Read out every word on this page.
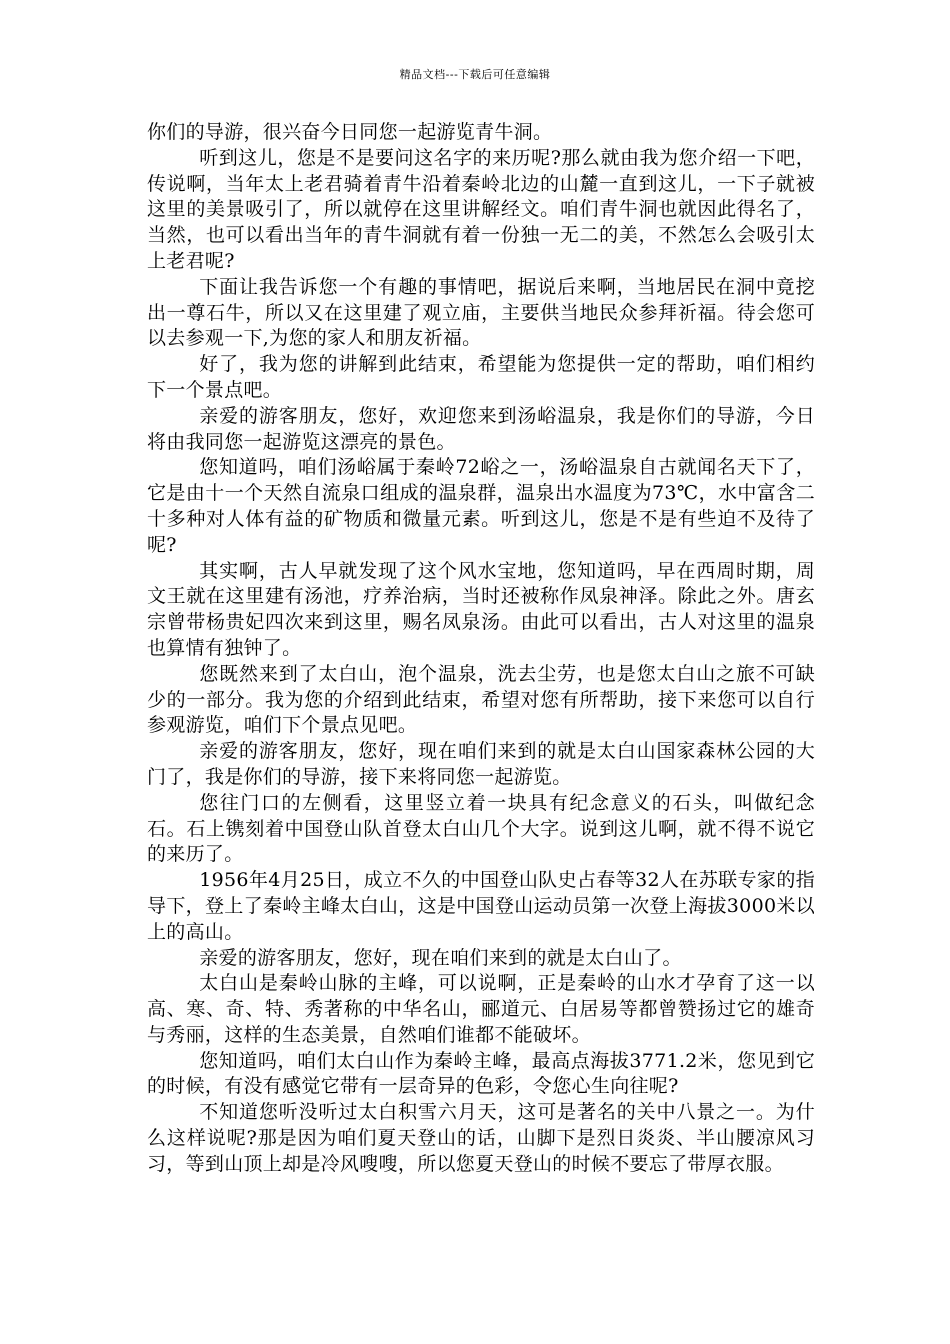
精品文档---下载后可任意编辑

你们的导游，很兴奋今日同您一起游览青牛洞。

听到这儿，您是不是要问这名字的来历呢?那么就由我为您介绍一下吧，传说啊，当年太上老君骑着青牛沿着秦岭北边的山麓一直到这儿，一下子就被这里的美景吸引了，所以就停在这里讲解经文。咱们青牛洞也就因此得名了，当然，也可以看出当年的青牛洞就有着一份独一无二的美，不然怎么会吸引太上老君呢?

下面让我告诉您一个有趣的事情吧，据说后来啊，当地居民在洞中竟挖出一尊石牛，所以又在这里建了观立庙，主要供当地民众参拜祈福。待会您可以去参观一下,为您的家人和朋友祈福。

好了，我为您的讲解到此结束，希望能为您提供一定的帮助，咱们相约下一个景点吧。

亲爱的游客朋友，您好，欢迎您来到汤峪温泉，我是你们的导游，今日将由我同您一起游览这漂亮的景色。

您知道吗，咱们汤峪属于秦岭72峪之一，汤峪温泉自古就闻名天下了，它是由十一个天然自流泉口组成的温泉群，温泉出水温度为73℃，水中富含二十多种对人体有益的矿物质和微量元素。听到这儿，您是不是有些迫不及待了呢?

其实啊，古人早就发现了这个风水宝地，您知道吗，早在西周时期，周文王就在这里建有汤池，疗养治病，当时还被称作凤泉神泽。除此之外。唐玄宗曾带杨贵妃四次来到这里，赐名凤泉汤。由此可以看出，古人对这里的温泉也算情有独钟了。

您既然来到了太白山，泡个温泉，洗去尘劳，也是您太白山之旅不可缺少的一部分。我为您的介绍到此结束，希望对您有所帮助，接下来您可以自行参观游览，咱们下个景点见吧。

亲爱的游客朋友，您好，现在咱们来到的就是太白山国家森林公园的大门了，我是你们的导游，接下来将同您一起游览。

您往门口的左侧看，这里竖立着一块具有纪念意义的石头，叫做纪念石。石上镌刻着中国登山队首登太白山几个大字。说到这儿啊，就不得不说它的来历了。

1956年4月25日，成立不久的中国登山队史占春等32人在苏联专家的指导下，登上了秦岭主峰太白山，这是中国登山运动员第一次登上海拔3000米以上的高山。

亲爱的游客朋友，您好，现在咱们来到的就是太白山了。

太白山是秦岭山脉的主峰，可以说啊，正是秦岭的山水才孕育了这一以高、寒、奇、特、秀著称的中华名山，郦道元、白居易等都曾赞扬过它的雄奇与秀丽，这样的生态美景，自然咱们谁都不能破坏。

您知道吗，咱们太白山作为秦岭主峰，最高点海拔3771.2米，您见到它的时候，有没有感觉它带有一层奇异的色彩，令您心生向往呢?

不知道您听没听过太白积雪六月天，这可是著名的关中八景之一。为什么这样说呢?那是因为咱们夏天登山的话，山脚下是烈日炎炎、半山腰凉风习习，等到山顶上却是冷风嗖嗖，所以您夏天登山的时候不要忘了带厚衣服。
